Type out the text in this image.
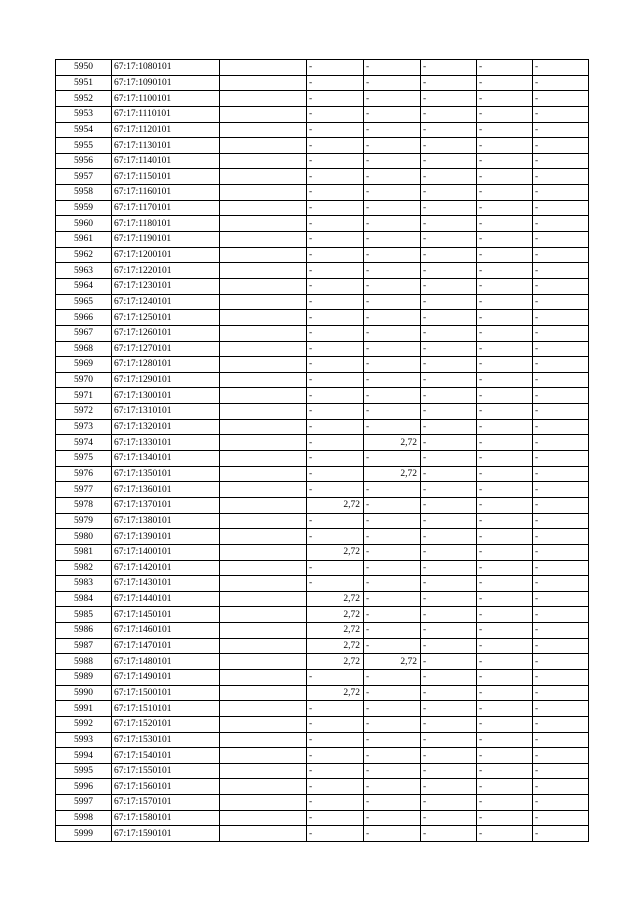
5950	67:17:1080101		-	-	-	-	-
5951	67:17:1090101		-	-	-	-	-
5952	67:17:1100101		-	-	-	-	-
5953	67:17:1110101		-	-	-	-	-
5954	67:17:1120101		-	-	-	-	-
5955	67:17:1130101		-	-	-	-	-
5956	67:17:1140101		-	-	-	-	-
5957	67:17:1150101		-	-	-	-	-
5958	67:17:1160101		-	-	-	-	-
5959	67:17:1170101		-	-	-	-	-
5960	67:17:1180101		-	-	-	-	-
5961	67:17:1190101		-	-	-	-	-
5962	67:17:1200101		-	-	-	-	-
5963	67:17:1220101		-	-	-	-	-
5964	67:17:1230101		-	-	-	-	-
5965	67:17:1240101		-	-	-	-	-
5966	67:17:1250101		-	-	-	-	-
5967	67:17:1260101		-	-	-	-	-
5968	67:17:1270101		-	-	-	-	-
5969	67:17:1280101		-	-	-	-	-
5970	67:17:1290101		-	-	-	-	-
5971	67:17:1300101		-	-	-	-	-
5972	67:17:1310101		-	-	-	-	-
5973	67:17:1320101		-	-	-	-	-
5974	67:17:1330101		-	2,72	-	-	-
5975	67:17:1340101		-	-	-	-	-
5976	67:17:1350101		-	2,72	-	-	-
5977	67:17:1360101		-	-	-	-	-
5978	67:17:1370101		2,72	-	-	-	-
5979	67:17:1380101		-	-	-	-	-
5980	67:17:1390101		-	-	-	-	-
5981	67:17:1400101		2,72	-	-	-	-
5982	67:17:1420101		-	-	-	-	-
5983	67:17:1430101		-	-	-	-	-
5984	67:17:1440101		2,72	-	-	-	-
5985	67:17:1450101		2,72	-	-	-	-
5986	67:17:1460101		2,72	-	-	-	-
5987	67:17:1470101		2,72	-	-	-	-
5988	67:17:1480101		2,72	2,72	-	-	-
5989	67:17:1490101		-	-	-	-	-
5990	67:17:1500101		2,72	-	-	-	-
5991	67:17:1510101		-	-	-	-	-
5992	67:17:1520101		-	-	-	-	-
5993	67:17:1530101		-	-	-	-	-
5994	67:17:1540101		-	-	-	-	-
5995	67:17:1550101		-	-	-	-	-
5996	67:17:1560101		-	-	-	-	-
5997	67:17:1570101		-	-	-	-	-
5998	67:17:1580101		-	-	-	-	-
5999	67:17:1590101		-	-	-	-	-
